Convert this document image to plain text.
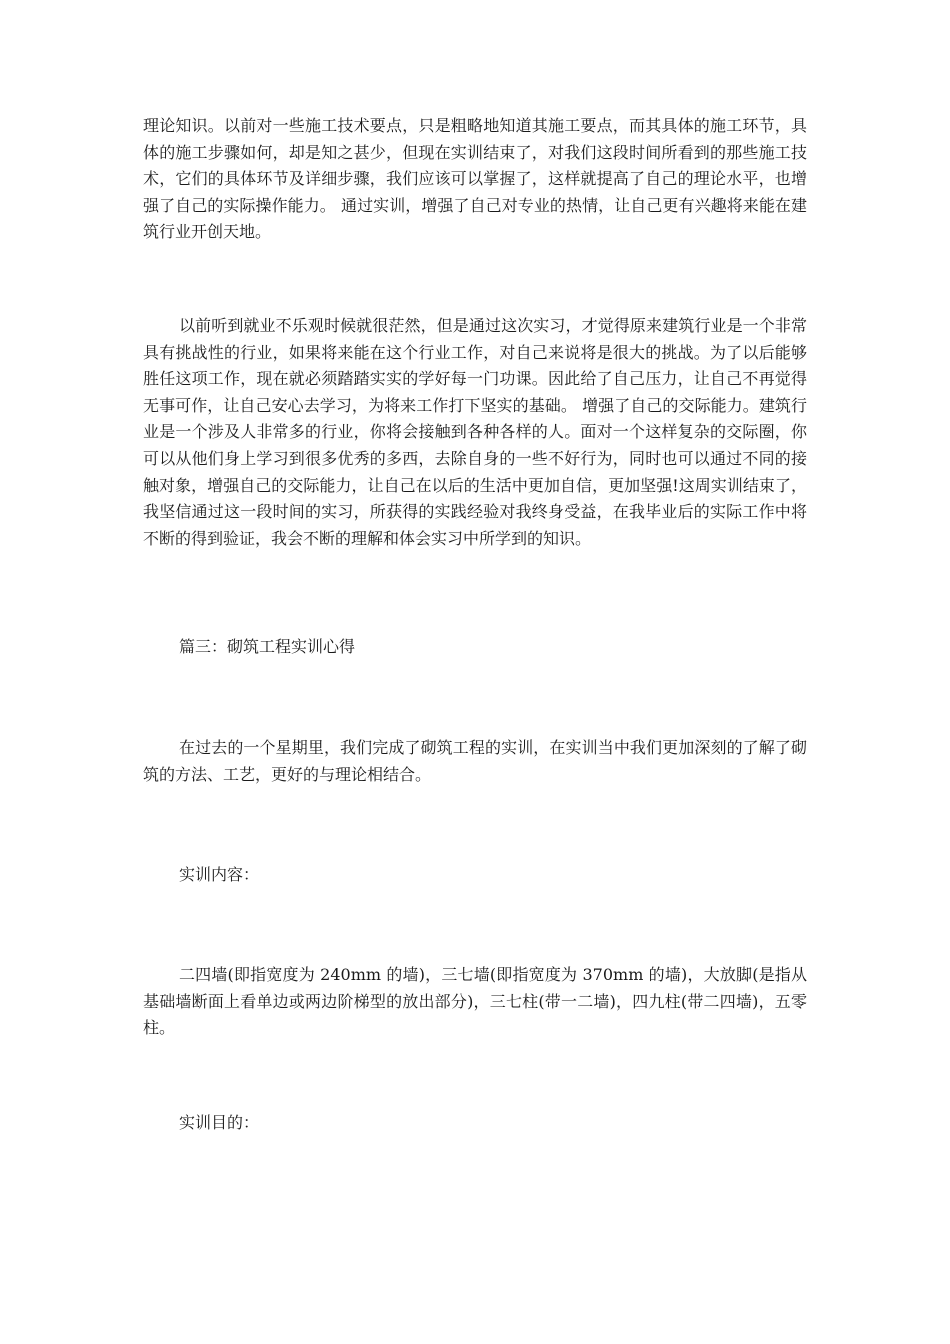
理论知识。以前对一些施工技术要点，只是粗略地知道其施工要点，而其具体的施工环节，具体的施工步骤如何，却是知之甚少，但现在实训结束了，对我们这段时间所看到的那些施工技术，它们的具体环节及详细步骤，我们应该可以掌握了，这样就提高了自己的理论水平，也增强了自己的实际操作能力。 通过实训，增强了自己对专业的热情，让自己更有兴趣将来能在建筑行业开创天地。

以前听到就业不乐观时候就很茫然，但是通过这次实习，才觉得原来建筑行业是一个非常具有挑战性的行业，如果将来能在这个行业工作，对自己来说将是很大的挑战。为了以后能够胜任这项工作，现在就必须踏踏实实的学好每一门功课。因此给了自己压力，让自己不再觉得无事可作，让自己安心去学习，为将来工作打下坚实的基础。 增强了自己的交际能力。建筑行业是一个涉及人非常多的行业，你将会接触到各种各样的人。面对一个这样复杂的交际圈，你可以从他们身上学习到很多优秀的多西，去除自身的一些不好行为，同时也可以通过不同的接触对象，增强自己的交际能力，让自己在以后的生活中更加自信，更加坚强!这周实训结束了，我坚信通过这一段时间的实习，所获得的实践经验对我终身受益，在我毕业后的实际工作中将不断的得到验证，我会不断的理解和体会实习中所学到的知识。

篇三：砌筑工程实训心得

在过去的一个星期里，我们完成了砌筑工程的实训，在实训当中我们更加深刻的了解了砌筑的方法、工艺，更好的与理论相结合。

实训内容：

二四墙(即指宽度为 240mm 的墙)，三七墙(即指宽度为 370mm 的墙)，大放脚(是指从基础墙断面上看单边或两边阶梯型的放出部分)，三七柱(带一二墙)，四九柱(带二四墙)，五零柱。

实训目的：
